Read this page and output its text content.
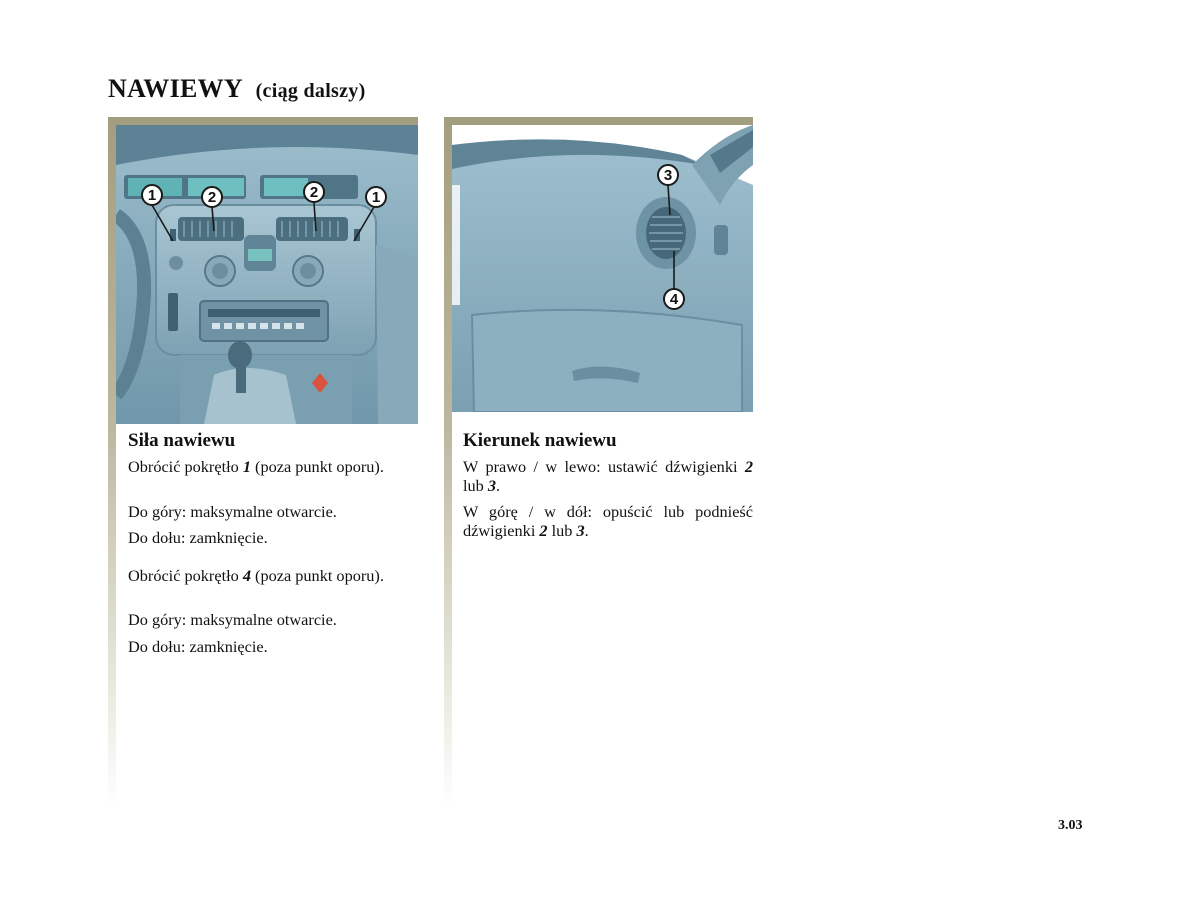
NAWIEWY (ciąg dalszy)
1	2	2	1
Siła nawiewu

Obrócić pokrętło 1 (poza punkt oporu).

Do góry: maksymalne otwarcie.

Do dołu: zamknięcie.

Obrócić pokrętło 4 (poza punkt oporu).

Do góry: maksymalne otwarcie.

Do dołu: zamknięcie.

3
4
Kierunek nawiewu

W prawo / w lewo: ustawić dźwigienki 2 lub 3.

W górę / w dół: opuścić lub podnieść dźwigienki 2 lub 3.

3.03
